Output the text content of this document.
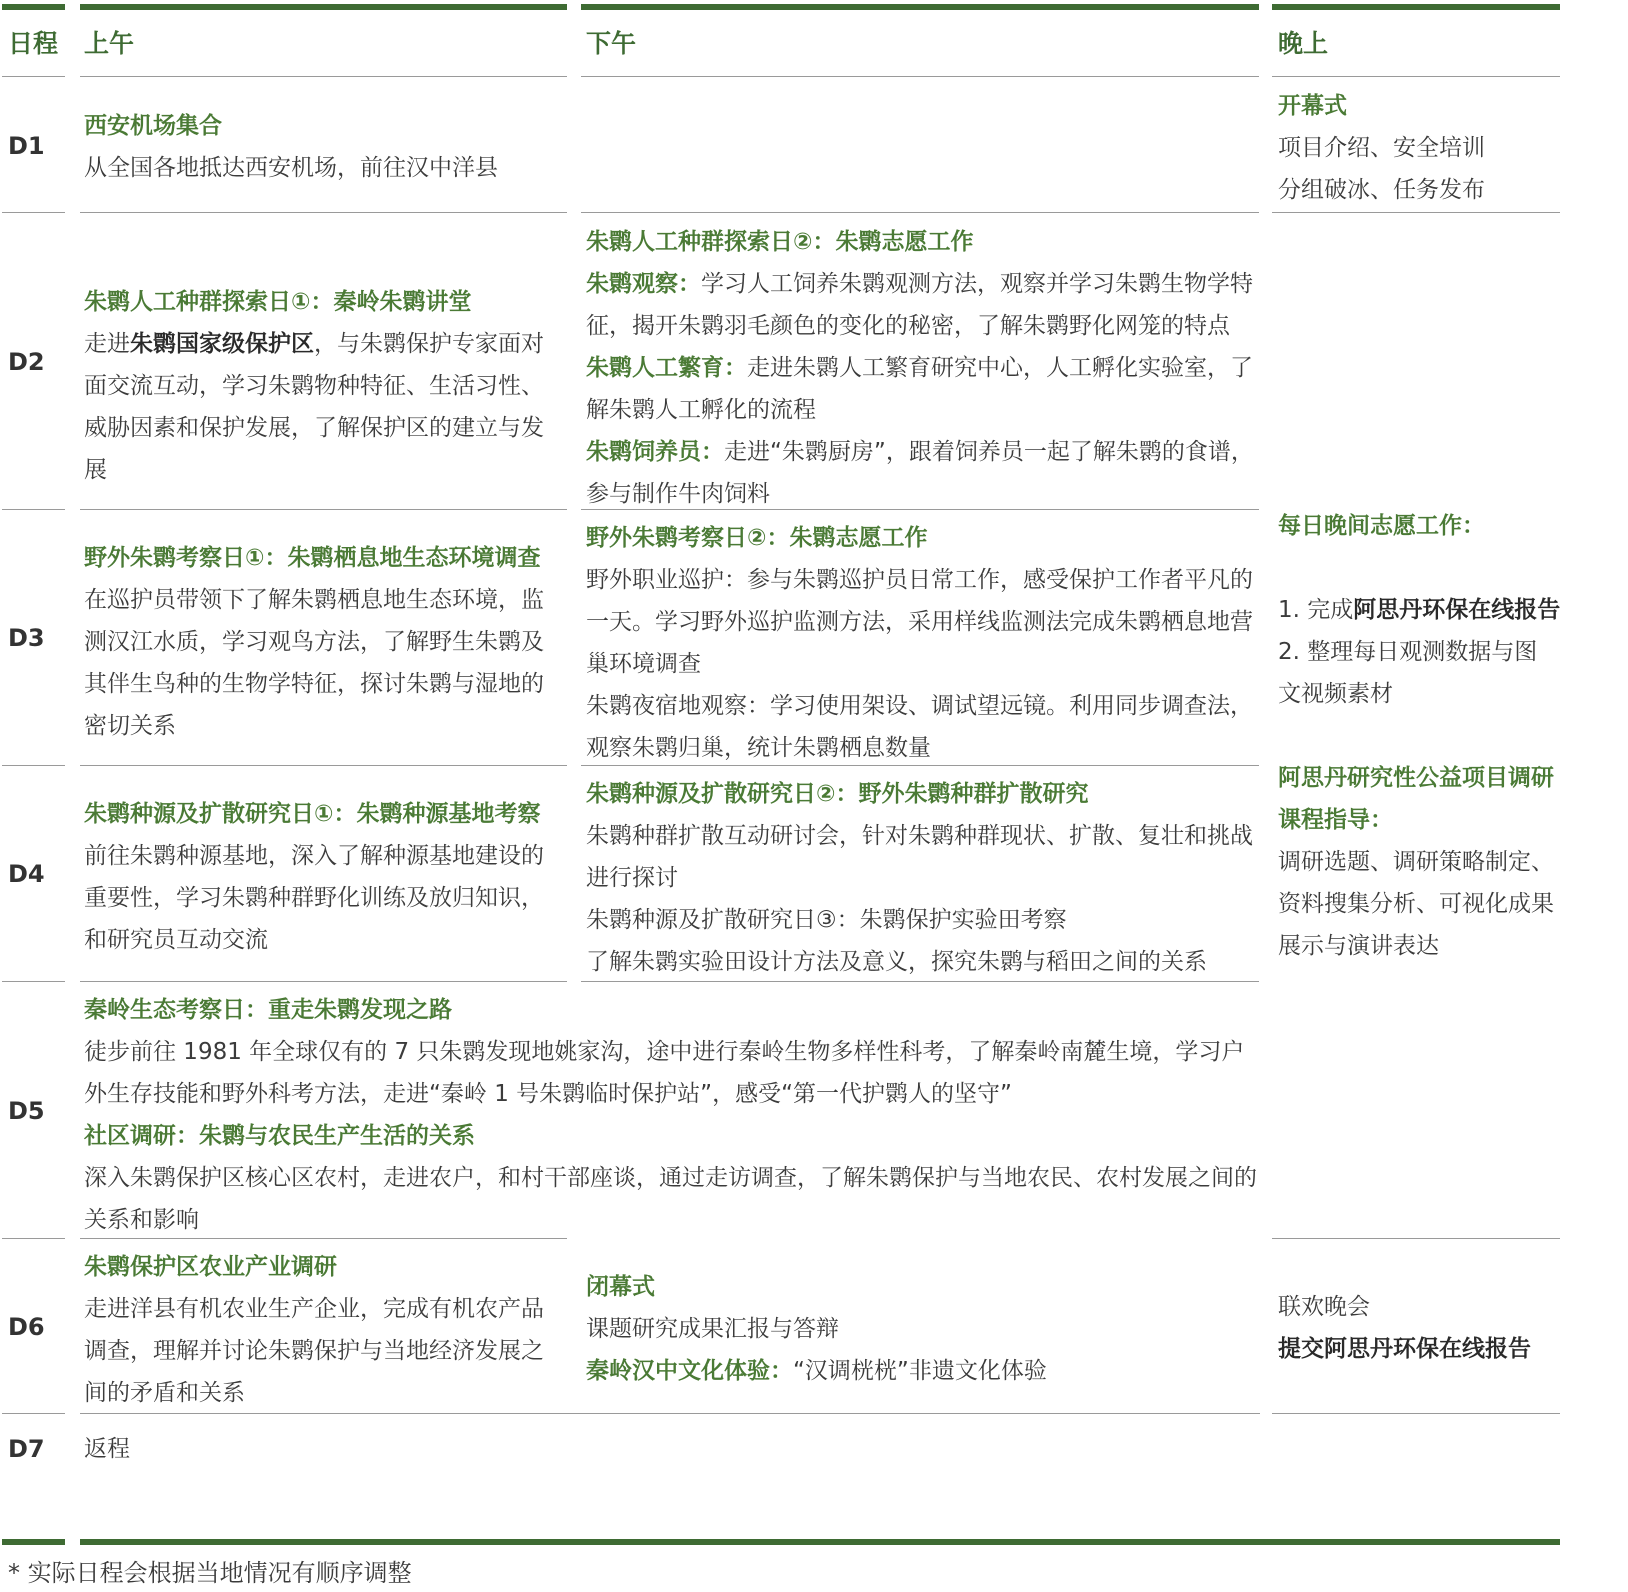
日程 上午	下午	晚上
D1
D2
D3
D4
D5
D6
D7

西安机场集合

从全国各地抵达西安机场，前往汉中洋县

开幕式

项目介绍、安全培训

分组破冰、任务发布

朱鹮人工种群探索日①：秦岭朱鹮讲堂

走进朱鹮国家级保护区，与朱鹮保护专家面对面交流互动，学习朱鹮物种特征、生活习性、威胁因素和保护发展，了解保护区的建立与发展

朱鹮人工种群探索日②：朱鹮志愿工作

朱鹮观察：学习人工饲养朱鹮观测方法，观察并学习朱鹮生物学特征，揭开朱鹮羽毛颜色的变化的秘密，了解朱鹮野化网笼的特点

朱鹮人工繁育：走进朱鹮人工繁育研究中心，人工孵化实验室，了解朱鹮人工孵化的流程

朱鹮饲养员：走进“朱鹮厨房”，跟着饲养员一起了解朱鹮的食谱，参与制作牛肉饲料

野外朱鹮考察日①：朱鹮栖息地生态环境调查

在巡护员带领下了解朱鹮栖息地生态环境，监测汉江水质，学习观鸟方法，了解野生朱鹮及其伴生鸟种的生物学特征，探讨朱鹮与湿地的密切关系

野外朱鹮考察日②：朱鹮志愿工作

野外职业巡护：参与朱鹮巡护员日常工作，感受保护工作者平凡的一天。学习野外巡护监测方法，采用样线监测法完成朱鹮栖息地营巢环境调查

朱鹮夜宿地观察：学习使用架设、调试望远镜。利用同步调查法，观察朱鹮归巢，统计朱鹮栖息数量

朱鹮种源及扩散研究日①：朱鹮种源基地考察

前往朱鹮种源基地，深入了解种源基地建设的重要性，学习朱鹮种群野化训练及放归知识，和研究员互动交流

朱鹮种源及扩散研究日②：野外朱鹮种群扩散研究

朱鹮种群扩散互动研讨会，针对朱鹮种群现状、扩散、复壮和挑战进行探讨

朱鹮种源及扩散研究日③：朱鹮保护实验田考察

了解朱鹮实验田设计方法及意义，探究朱鹮与稻田之间的关系

秦岭生态考察日：重走朱鹮发现之路

徒步前往 1981 年全球仅有的 7 只朱鹮发现地姚家沟，途中进行秦岭生物多样性科考，了解秦岭南麓生境，学习户外生存技能和野外科考方法，走进“秦岭 1 号朱鹮临时保护站”，感受“第一代护鹮人的坚守”

社区调研：朱鹮与农民生产生活的关系

深入朱鹮保护区核心区农村，走进农户，和村干部座谈，通过走访调查，了解朱鹮保护与当地农民、农村发展之间的关系和影响

朱鹮保护区农业产业调研

走进洋县有机农业生产企业，完成有机农产品调查，理解并讨论朱鹮保护与当地经济发展之间的矛盾和关系

闭幕式

课题研究成果汇报与答辩

秦岭汉中文化体验：“汉调桄桄”非遗文化体验

联欢晚会

提交阿思丹环保在线报告

返程

每日晚间志愿工作：

1. 完成阿思丹环保在线报告

2. 整理每日观测数据与图文视频素材

阿思丹研究性公益项目调研课程指导：

调研选题、调研策略制定、资料搜集分析、可视化成果展示与演讲表达

* 实际日程会根据当地情况有顺序调整
